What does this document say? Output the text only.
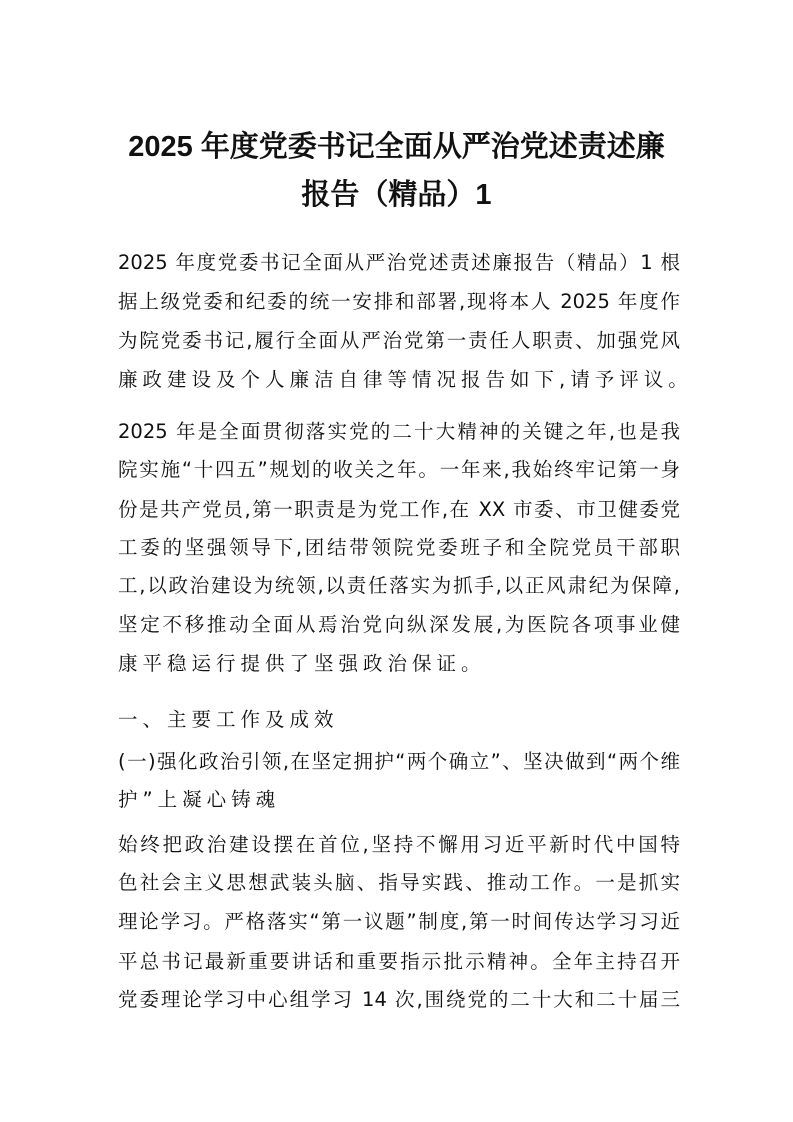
2025 年度党委书记全面从严治党述责述廉
报告（精品）1
2025 年度党委书记全面从严治党述责述廉报告（精品）1 根
据上级党委和纪委的统一安排和部署,现将本人 2025 年度作
为院党委书记,履行全面从严治党第一责任人职责、加强党风
廉政建设及个人廉洁自律等情况报告如下,请予评议。
2025 年是全面贯彻落实党的二十大精神的关键之年,也是我
院实施“十四五”规划的收关之年。一年来,我始终牢记第一身
份是共产党员,第一职责是为党工作,在 XX 市委、市卫健委党
工委的坚强领导下,团结带领院党委班子和全院党员干部职
工,以政治建设为统领,以责任落实为抓手,以正风肃纪为保障,
坚定不移推动全面从焉治党向纵深发展,为医院各项事业健
康平稳运行提供了坚强政治保证。
一、主要工作及成效
(一)强化政治引领,在坚定拥护“两个确立”、坚决做到“两个维
护”上凝心铸魂
始终把政治建设摆在首位,坚持不懈用习近平新时代中国特
色社会主义思想武装头脑、指导实践、推动工作。一是抓实
理论学习。严格落实“第一议题”制度,第一时间传达学习习近
平总书记最新重要讲话和重要指示批示精神。全年主持召开
党委理论学习中心组学习 14 次,围绕党的二十大和二十届三
